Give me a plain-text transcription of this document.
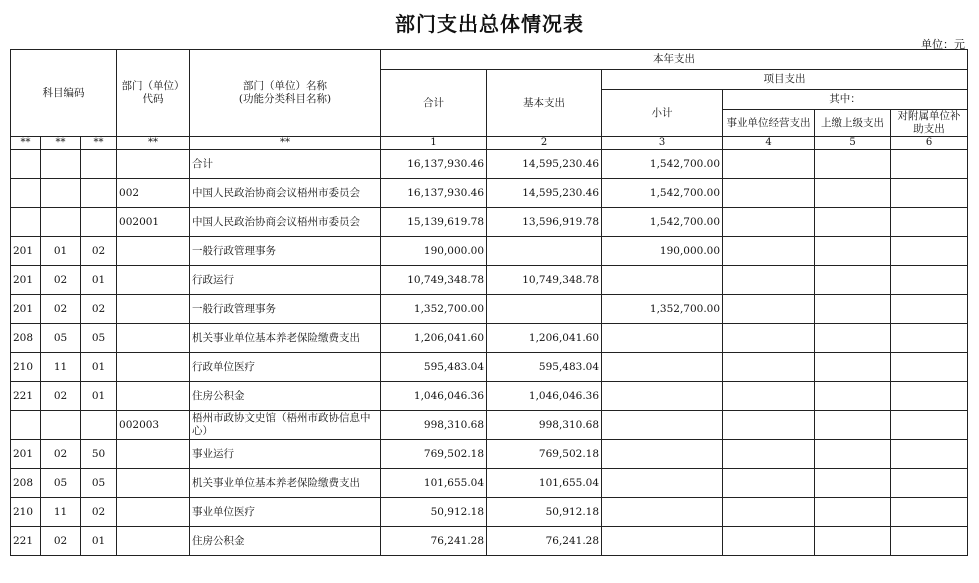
部门支出总体情况表
单位：元
科目编码			部门（单位）代码	部门（单位）名称
(功能分类科目名称)	本年支出					
					合计	基本支出	项目支出			
							小计	其中：		
								事业单位经营支出	上缴上级支出	对附属单位补助支出
**	**	**	**	**	1	2	3	4	5	6
				合计	16,137,930.46	14,595,230.46	1,542,700.00			
			002	中国人民政治协商会议梧州市委员会	16,137,930.46	14,595,230.46	1,542,700.00			
			002001	中国人民政治协商会议梧州市委员会	15,139,619.78	13,596,919.78	1,542,700.00			
201	01	02		一般行政管理事务	190,000.00		190,000.00			
201	02	01		行政运行	10,749,348.78	10,749,348.78				
201	02	02		一般行政管理事务	1,352,700.00		1,352,700.00			
208	05	05		机关事业单位基本养老保险缴费支出	1,206,041.60	1,206,041.60				
210	11	01		行政单位医疗	595,483.04	595,483.04				
221	02	01		住房公积金	1,046,046.36	1,046,046.36				
			002003	梧州市政协文史馆（梧州市政协信息中心）	998,310.68	998,310.68				
201	02	50		事业运行	769,502.18	769,502.18				
208	05	05		机关事业单位基本养老保险缴费支出	101,655.04	101,655.04				
210	11	02		事业单位医疗	50,912.18	50,912.18				
221	02	01		住房公积金	76,241.28	76,241.28				
